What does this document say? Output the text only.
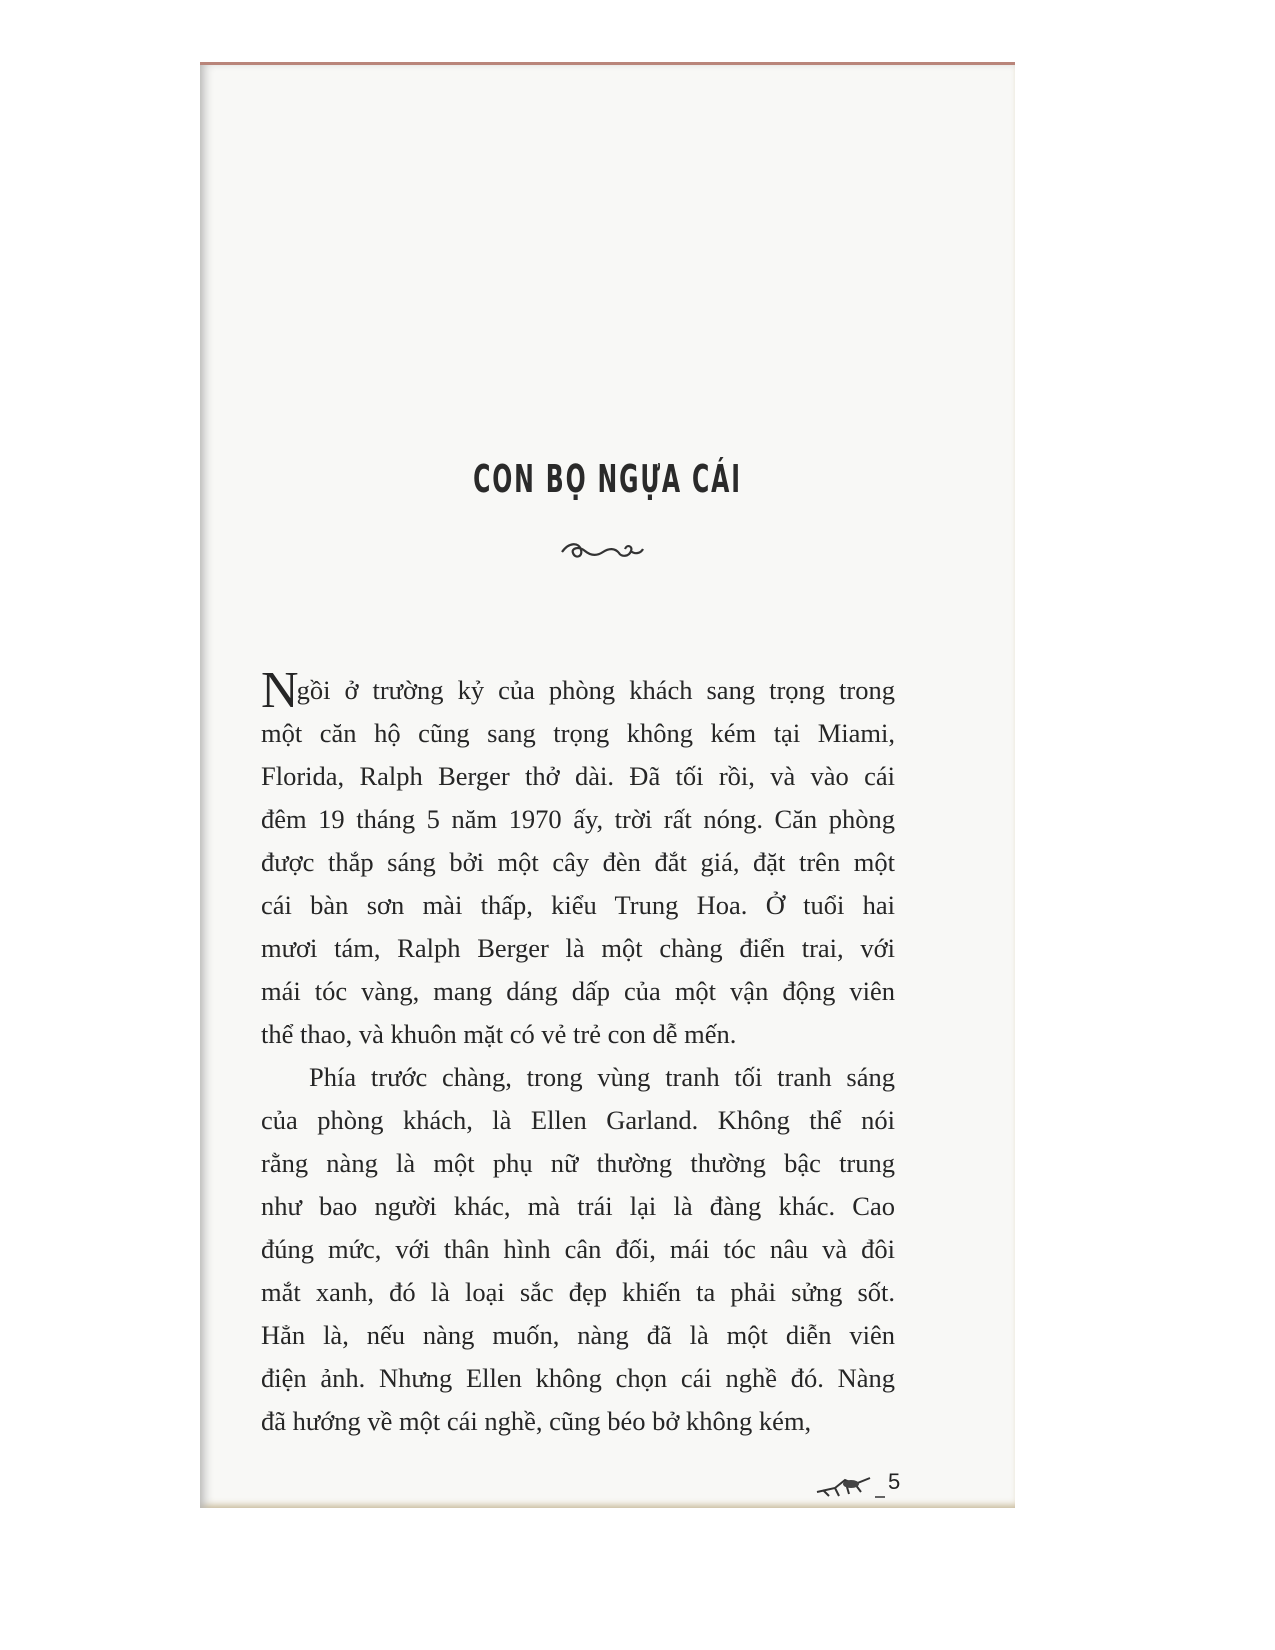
CON BỌ NGỰA CÁI
Ngồi ở trường kỷ của phòng khách sang trọng trong
một căn hộ cũng sang trọng không kém tại Miami,
Florida, Ralph Berger thở dài. Đã tối rồi, và vào cái
đêm 19 tháng 5 năm 1970 ấy, trời rất nóng. Căn phòng
được thắp sáng bởi một cây đèn đắt giá, đặt trên một
cái bàn sơn mài thấp, kiểu Trung Hoa. Ở tuổi hai
mươi tám, Ralph Berger là một chàng điển trai, với
mái tóc vàng, mang dáng dấp của một vận động viên
thể thao, và khuôn mặt có vẻ trẻ con dễ mến.
Phía trước chàng, trong vùng tranh tối tranh sáng
của phòng khách, là Ellen Garland. Không thể nói
rằng nàng là một phụ nữ thường thường bậc trung
như bao người khác, mà trái lại là đàng khác. Cao
đúng mức, với thân hình cân đối, mái tóc nâu và đôi
mắt xanh, đó là loại sắc đẹp khiến ta phải sửng sốt.
Hẳn là, nếu nàng muốn, nàng đã là một diễn viên
điện ảnh. Nhưng Ellen không chọn cái nghề đó. Nàng
đã hướng về một cái nghề, cũng béo bở không kém,
5
